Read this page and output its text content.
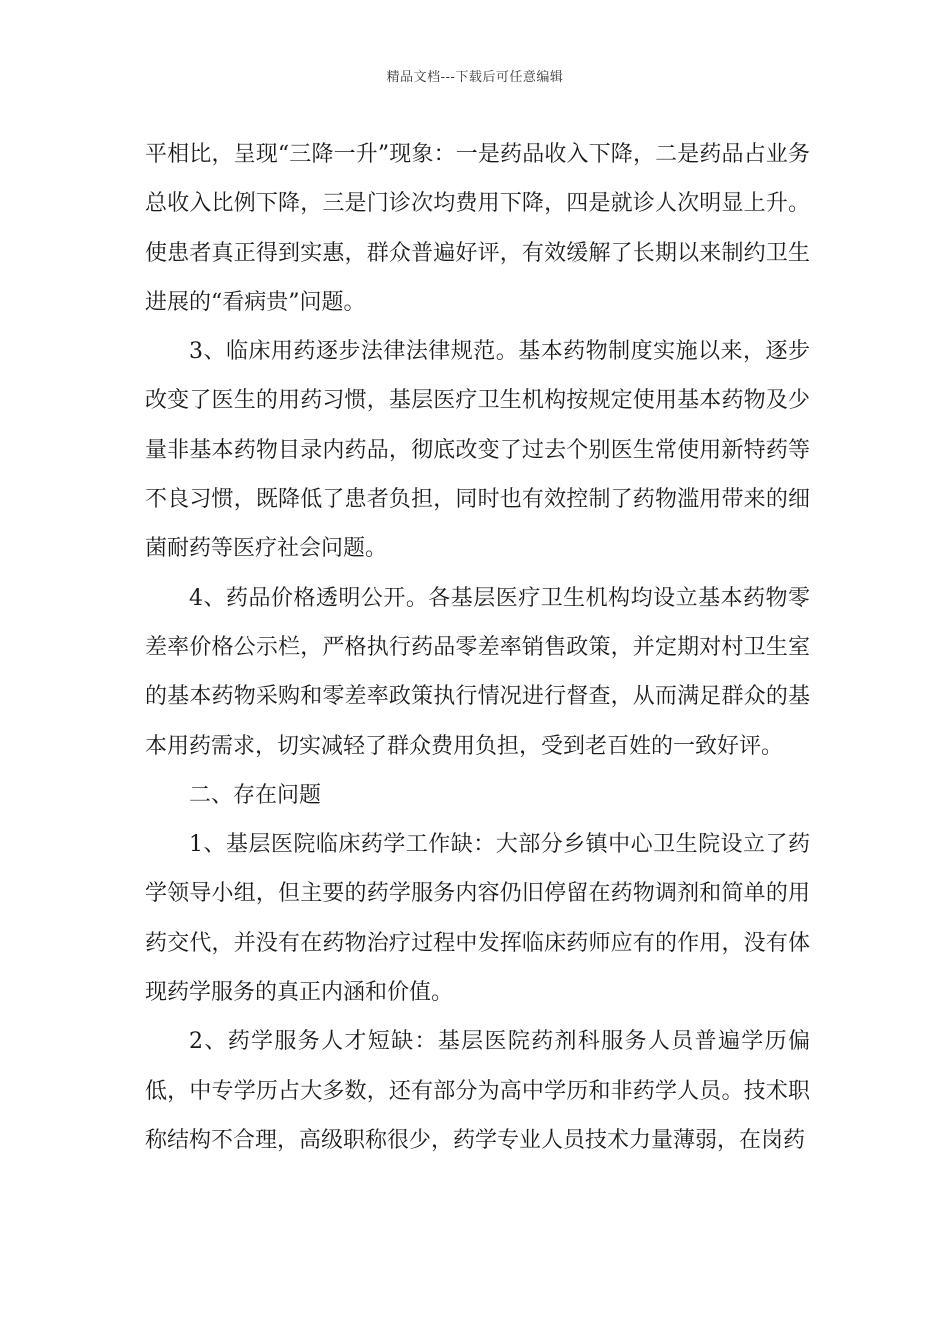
精品文档---下载后可任意编辑

平相比，呈现“三降一升”现象：一是药品收入下降，二是药品占业务总收入比例下降，三是门诊次均费用下降，四是就诊人次明显上升。使患者真正得到实惠，群众普遍好评，有效缓解了长期以来制约卫生进展的“看病贵”问题。

3、临床用药逐步法律法律规范。基本药物制度实施以来，逐步改变了医生的用药习惯，基层医疗卫生机构按规定使用基本药物及少量非基本药物目录内药品，彻底改变了过去个别医生常使用新特药等不良习惯，既降低了患者负担，同时也有效控制了药物滥用带来的细菌耐药等医疗社会问题。

4、药品价格透明公开。各基层医疗卫生机构均设立基本药物零差率价格公示栏，严格执行药品零差率销售政策，并定期对村卫生室的基本药物采购和零差率政策执行情况进行督查，从而满足群众的基本用药需求，切实减轻了群众费用负担，受到老百姓的一致好评。

二、存在问题

1、基层医院临床药学工作缺：大部分乡镇中心卫生院设立了药学领导小组，但主要的药学服务内容仍旧停留在药物调剂和简单的用药交代，并没有在药物治疗过程中发挥临床药师应有的作用，没有体现药学服务的真正内涵和价值。

2、药学服务人才短缺：基层医院药剂科服务人员普遍学历偏低，中专学历占大多数，还有部分为高中学历和非药学人员。技术职称结构不合理，高级职称很少，药学专业人员技术力量薄弱，在岗药
